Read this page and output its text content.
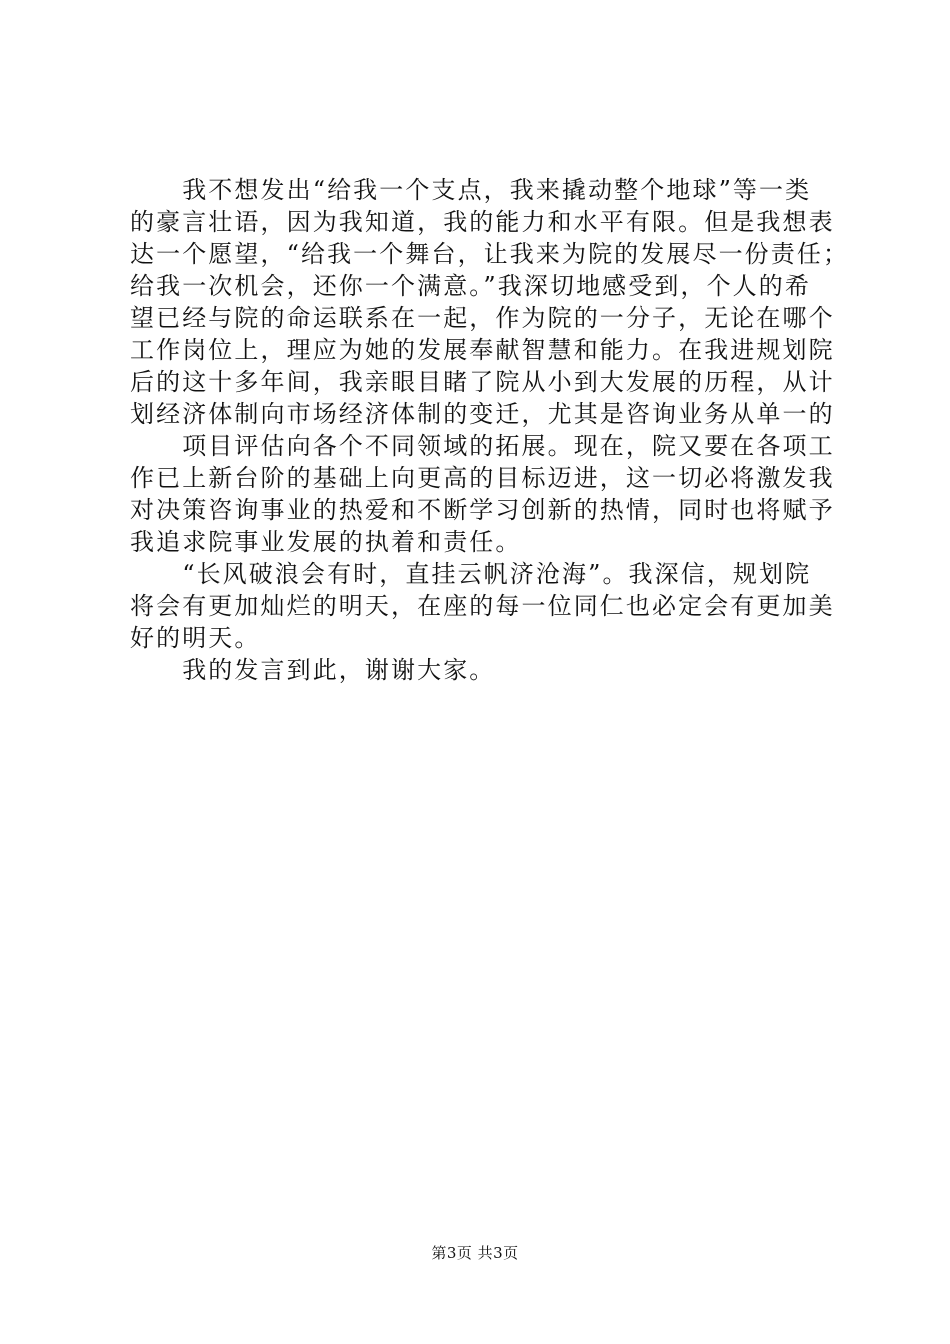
　　我不想发出“给我一个支点，我来撬动整个地球”等一类
的豪言壮语，因为我知道，我的能力和水平有限。但是我想表
达一个愿望，“给我一个舞台，让我来为院的发展尽一份责任；
给我一次机会，还你一个满意。”我深切地感受到，个人的希
望已经与院的命运联系在一起，作为院的一分子，无论在哪个
工作岗位上，理应为她的发展奉献智慧和能力。在我进规划院
后的这十多年间，我亲眼目睹了院从小到大发展的历程，从计
划经济体制向市场经济体制的变迁，尤其是咨询业务从单一的
　　项目评估向各个不同领域的拓展。现在，院又要在各项工
作已上新台阶的基础上向更高的目标迈进，这一切必将激发我
对决策咨询事业的热爱和不断学习创新的热情，同时也将赋予
我追求院事业发展的执着和责任。
　　“长风破浪会有时，直挂云帆济沧海”。我深信，规划院
将会有更加灿烂的明天，在座的每一位同仁也必定会有更加美
好的明天。
　　我的发言到此，谢谢大家。
第3页 共3页
